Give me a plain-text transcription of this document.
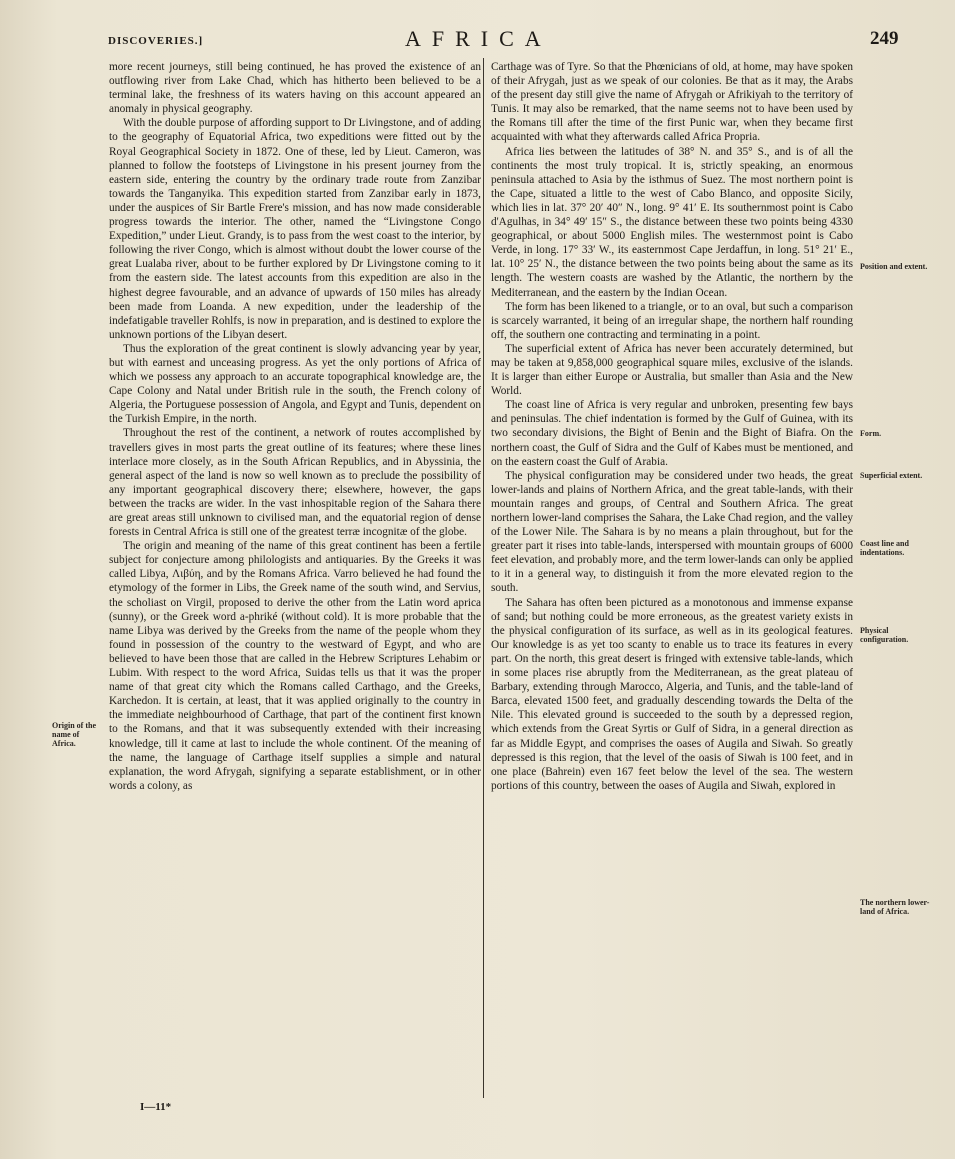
DISCOVERIES.]	AFRICA	249

more recent journeys, still being continued, he has proved the existence of an outflowing river from Lake Chad, which has hitherto been believed to be a terminal lake, the freshness of its waters having on this account appeared an anomaly in physical geography.

With the double purpose of affording support to Dr Livingstone, and of adding to the geography of Equatorial Africa, two expeditions were fitted out by the Royal Geographical Society in 1872. One of these, led by Lieut. Cameron, was planned to follow the footsteps of Livingstone in his present journey from the eastern side, entering the country by the ordinary trade route from Zanzibar towards the Tanganyika. This expedition started from Zanzibar early in 1873, under the auspices of Sir Bartle Frere's mission, and has now made considerable progress towards the interior. The other, named the “Livingstone Congo Expedition,” under Lieut. Grandy, is to pass from the west coast to the interior, by following the river Congo, which is almost without doubt the lower course of the great Lualaba river, about to be further explored by Dr Livingstone coming to it from the eastern side. The latest accounts from this expedition are also in the highest degree favourable, and an advance of upwards of 150 miles has already been made from Loanda. A new expedition, under the leadership of the indefatigable traveller Rohlfs, is now in preparation, and is destined to explore the unknown portions of the Libyan desert.

Thus the exploration of the great continent is slowly advancing year by year, but with earnest and unceasing progress. As yet the only portions of Africa of which we possess any approach to an accurate topographical knowledge are, the Cape Colony and Natal under British rule in the south, the French colony of Algeria, the Portuguese possession of Angola, and Egypt and Tunis, dependent on the Turkish Empire, in the north.

Throughout the rest of the continent, a network of routes accomplished by travellers gives in most parts the great outline of its features; where these lines interlace more closely, as in the South African Republics, and in Abyssinia, the general aspect of the land is now so well known as to preclude the possibility of any important geographical discovery there; elsewhere, however, the gaps between the tracks are wider. In the vast inhospitable region of the Sahara there are great areas still unknown to civilised man, and the equatorial region of dense forests in Central Africa is still one of the greatest terræ incognitæ of the globe.

The origin and meaning of the name of this great continent has been a fertile subject for conjecture among philologists and antiquaries. By the Greeks it was called Libya, Λιβύη, and by the Romans Africa. Varro believed he had found the etymology of the former in Libs, the Greek name of the south wind, and Servius, the scholiast on Virgil, proposed to derive the other from the Latin word aprica (sunny), or the Greek word a-phriké (without cold). It is more probable that the name Libya was derived by the Greeks from the name of the people whom they found in possession of the country to the westward of Egypt, and who are believed to have been those that are called in the Hebrew Scriptures Lehabim or Lubim. With respect to the word Africa, Suidas tells us that it was the proper name of that great city which the Romans called Carthago, and the Greeks, Karchedon. It is certain, at least, that it was applied originally to the country in the immediate neighbourhood of Carthage, that part of the continent first known to the Romans, and that it was subsequently extended with their increasing knowledge, till it came at last to include the whole continent. Of the meaning of the name, the language of Carthage itself supplies a simple and natural explanation, the word Afrygah, signifying a separate establishment, or in other words a colony, as

Carthage was of Tyre. So that the Phœnicians of old, at home, may have spoken of their Afrygah, just as we speak of our colonies. Be that as it may, the Arabs of the present day still give the name of Afrygah or Afrikiyah to the territory of Tunis. It may also be remarked, that the name seems not to have been used by the Romans till after the time of the first Punic war, when they became first acquainted with what they afterwards called Africa Propria.

Africa lies between the latitudes of 38° N. and 35° S., and is of all the continents the most truly tropical. It is, strictly speaking, an enormous peninsula attached to Asia by the isthmus of Suez. The most northern point is the Cape, situated a little to the west of Cabo Blanco, and opposite Sicily, which lies in lat. 37° 20′ 40″ N., long. 9° 41′ E. Its southernmost point is Cabo d'Agulhas, in 34° 49′ 15″ S., the distance between these two points being 4330 geographical, or about 5000 English miles. The westernmost point is Cabo Verde, in long. 17° 33′ W., its easternmost Cape Jerdaffun, in long. 51° 21′ E., lat. 10° 25′ N., the distance between the two points being about the same as its length. The western coasts are washed by the Atlantic, the northern by the Mediterranean, and the eastern by the Indian Ocean.

The form has been likened to a triangle, or to an oval, but such a comparison is scarcely warranted, it being of an irregular shape, the northern half rounding off, the southern one contracting and terminating in a point.

The superficial extent of Africa has never been accurately determined, but may be taken at 9,858,000 geographical square miles, exclusive of the islands. It is larger than either Europe or Australia, but smaller than Asia and the New World.

The coast line of Africa is very regular and unbroken, presenting few bays and peninsulas. The chief indentation is formed by the Gulf of Guinea, with its two secondary divisions, the Bight of Benin and the Bight of Biafra. On the northern coast, the Gulf of Sidra and the Gulf of Kabes must be mentioned, and on the eastern coast the Gulf of Arabia.

The physical configuration may be considered under two heads, the great lower-lands and plains of Northern Africa, and the great table-lands, with their mountain ranges and groups, of Central and Southern Africa. The great northern lower-land comprises the Sahara, the Lake Chad region, and the valley of the Lower Nile. The Sahara is by no means a plain throughout, but for the greater part it rises into table-lands, interspersed with mountain groups of 6000 feet elevation, and probably more, and the term lower-lands can only be applied to it in a general way, to distinguish it from the more elevated region to the south.

The Sahara has often been pictured as a monotonous and immense expanse of sand; but nothing could be more erroneous, as the greatest variety exists in the physical configuration of its surface, as well as in its geological features. Our knowledge is as yet too scanty to enable us to trace its features in every part. On the north, this great desert is fringed with extensive table-lands, which in some places rise abruptly from the Mediterranean, as the great plateau of Barbary, extending through Marocco, Algeria, and Tunis, and the table-land of Barca, elevated 1500 feet, and gradually descending towards the Delta of the Nile. This elevated ground is succeeded to the south by a depressed region, which extends from the Great Syrtis or Gulf of Sidra, in a general direction as far as Middle Egypt, and comprises the oases of Augila and Siwah. So greatly depressed is this region, that the level of the oasis of Siwah is 100 feet, and in one place (Bahrein) even 167 feet below the level of the sea. The western portions of this country, between the oases of Augila and Siwah, explored in

Origin of the name of Africa.
Position and extent.
Form.
Superficial extent.
Coast line and indentations.
Physical configuration.
The northern lower-land of Africa.
I—11*
